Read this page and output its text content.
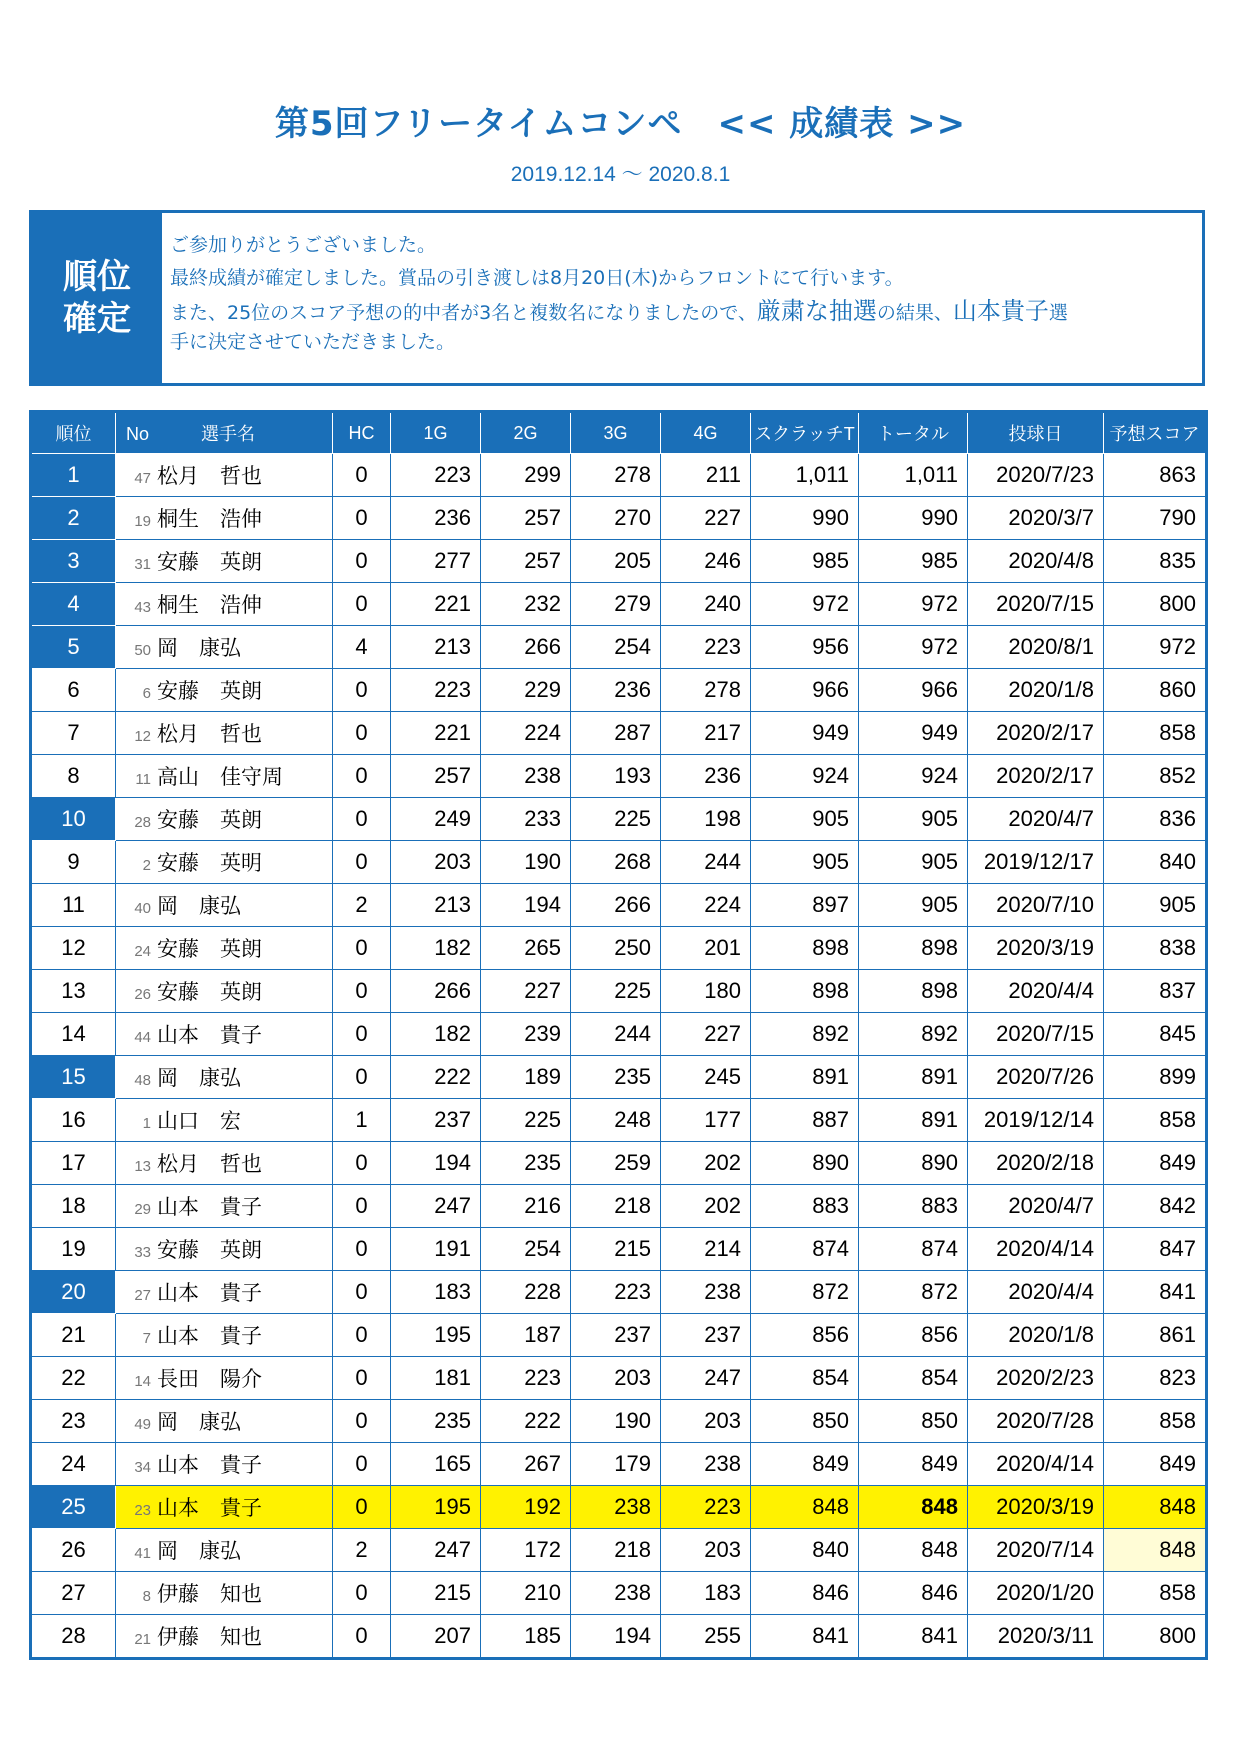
第5回フリータイムコンペ　<< 成績表 >>
2019.12.14 ～ 2020.8.1
順位
確定
ご参加りがとうございました。
最終成績が確定しました。賞品の引き渡しは8月20日(木)からフロントにて行います。
また、25位のスコア予想の的中者が3名と複数名になりましたので、厳粛な抽選の結果、山本貴子選
手に決定させていただきました。
順位	No 選手名	HC	1G	2G	3G	4G	スクラッチT	トータル	投球日	予想スコア
1	47 松月　哲也	0	223	299	278	211	1,011	1,011	2020/7/23	863
2	19 桐生　浩伸	0	236	257	270	227	990	990	2020/3/7	790
3	31 安藤　英朗	0	277	257	205	246	985	985	2020/4/8	835
4	43 桐生　浩伸	0	221	232	279	240	972	972	2020/7/15	800
5	50 岡　康弘	4	213	266	254	223	956	972	2020/8/1	972
6	6 安藤　英朗	0	223	229	236	278	966	966	2020/1/8	860
7	12 松月　哲也	0	221	224	287	217	949	949	2020/2/17	858
8	11 高山　佳守周	0	257	238	193	236	924	924	2020/2/17	852
10	28 安藤　英朗	0	249	233	225	198	905	905	2020/4/7	836
9	2 安藤　英明	0	203	190	268	244	905	905	2019/12/17	840
11	40 岡　康弘	2	213	194	266	224	897	905	2020/7/10	905
12	24 安藤　英朗	0	182	265	250	201	898	898	2020/3/19	838
13	26 安藤　英朗	0	266	227	225	180	898	898	2020/4/4	837
14	44 山本　貴子	0	182	239	244	227	892	892	2020/7/15	845
15	48 岡　康弘	0	222	189	235	245	891	891	2020/7/26	899
16	1 山口　宏	1	237	225	248	177	887	891	2019/12/14	858
17	13 松月　哲也	0	194	235	259	202	890	890	2020/2/18	849
18	29 山本　貴子	0	247	216	218	202	883	883	2020/4/7	842
19	33 安藤　英朗	0	191	254	215	214	874	874	2020/4/14	847
20	27 山本　貴子	0	183	228	223	238	872	872	2020/4/4	841
21	7 山本　貴子	0	195	187	237	237	856	856	2020/1/8	861
22	14 長田　陽介	0	181	223	203	247	854	854	2020/2/23	823
23	49 岡　康弘	0	235	222	190	203	850	850	2020/7/28	858
24	34 山本　貴子	0	165	267	179	238	849	849	2020/4/14	849
25	23 山本　貴子	0	195	192	238	223	848	848	2020/3/19	848
26	41 岡　康弘	2	247	172	218	203	840	848	2020/7/14	848
27	8 伊藤　知也	0	215	210	238	183	846	846	2020/1/20	858
28	21 伊藤　知也	0	207	185	194	255	841	841	2020/3/11	800
